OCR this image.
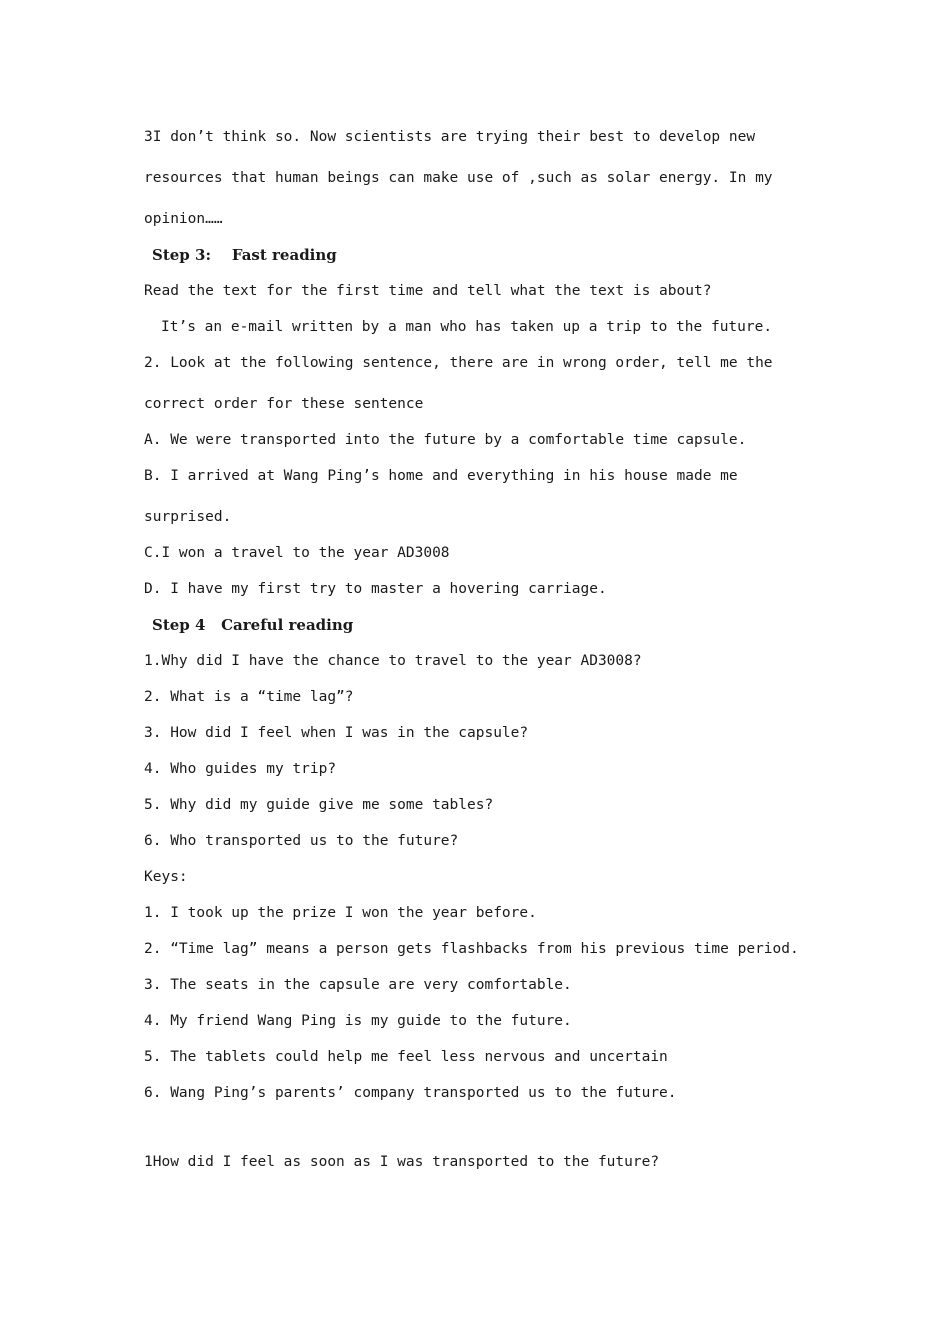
3I don’t think so. Now scientists are trying their best to develop new
resources that human beings can make use of ,such as solar energy. In my
opinion……
Step 3:    Fast reading
Read the text for the first time and tell what the text is about?
It’s an e-mail written by a man who has taken up a trip to the future.
2. Look at the following sentence, there are in wrong order, tell me the
correct order for these sentence
A. We were transported into the future by a comfortable time capsule.
B. I arrived at Wang Ping’s home and everything in his house made me
surprised.
C.I won a travel to the year AD3008
D. I have my first try to master a hovering carriage.
Step 4   Careful reading
1.Why did I have the chance to travel to the year AD3008?
2. What is a “time lag”?
3. How did I feel when I was in the capsule?
4. Who guides my trip?
5. Why did my guide give me some tables?
6. Who transported us to the future?
Keys:
1. I took up the prize I won the year before.
2. “Time lag” means a person gets flashbacks from his previous time period.
3. The seats in the capsule are very comfortable.
4. My friend Wang Ping is my guide to the future.
5. The tablets could help me feel less nervous and uncertain
6. Wang Ping’s parents’ company transported us to the future.
1How did I feel as soon as I was transported to the future?
